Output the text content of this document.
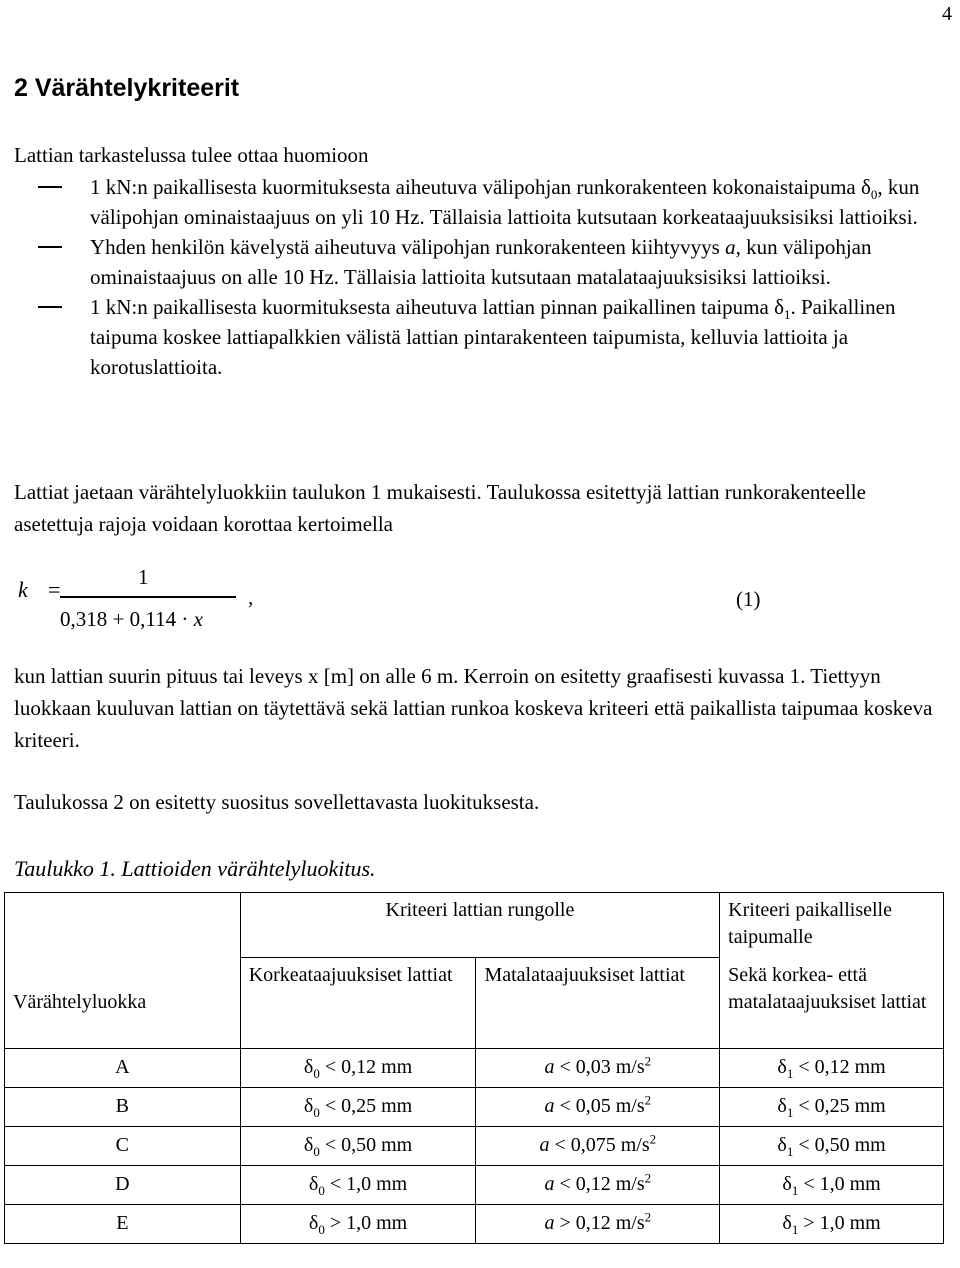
4
2 Värähtelykriteerit

Lattian tarkastelussa tulee ottaa huomioon

1 kN:n paikallisesta kuormituksesta aiheutuva välipohjan runkorakenteen kokonaistaipuma $\delta_0$, kun välipohjan ominaistaajuus on yli 10 Hz. Tällaisia lattioita kutsutaan korkeataajuuksisiksi lattioiksi.
Yhden henkilön kävelystä aiheutuva välipohjan runkorakenteen kiihtyvyys a, kun välipohjan ominaistaajuus on alle 10 Hz. Tällaisia lattioita kutsutaan matalataajuuksisiksi lattioiksi.
1 kN:n paikallisesta kuormituksesta aiheutuva lattian pinnan paikallinen taipuma $\delta_1$. Paikallinen taipuma koskee lattiapalkkien välistä lattian pintarakenteen taipumista, kelluvia lattioita ja korotuslattioita.

Lattiat jaetaan värähtelyluokkiin taulukon 1 mukaisesti. Taulukossa esitettyjä lattian runkorakenteelle asetettuja rajoja voidaan korottaa kertoimella

k =	1
0,318 + 0,114 · x
,	(1)

kun lattian suurin pituus tai leveys x [m] on alle 6 m. Kerroin on esitetty graafisesti kuvassa 1. Tiettyyn luokkaan kuuluvan lattian on täytettävä sekä lattian runkoa koskeva kriteeri että paikallista taipumaa koskeva kriteeri.

Taulukossa 2 on esitetty suositus sovellettavasta luokituksesta.

Taulukko 1. Lattioiden värähtelyluokitus.

	Kriteeri lattian rungolle		Kriteeri paikalliselle taipumalle
Värähtelyluokka	Korkeataajuuksiset lattiat	Matalataajuuksiset lattiat	Sekä korkea- että matalataajuuksiset lattiat
A	$\delta_0 < 0,12$ mm	a < 0,03 $m/s^2$	$\delta_1 < 0,12$ mm
B	$\delta_0 < 0,25$ mm	a < 0,05 $m/s^2$	$\delta_1 < 0,25$ mm
C	$\delta_0 < 0,50$ mm	a < 0,075 $m/s^2$	$\delta_1 < 0,50$ mm
D	$\delta_0 < 1,0$ mm	a < 0,12 $m/s^2$	$\delta_1 < 1,0$ mm
E	$\delta_0 > 1,0$ mm	a > 0,12 $m/s^2$	$\delta_1 > 1,0$ mm
